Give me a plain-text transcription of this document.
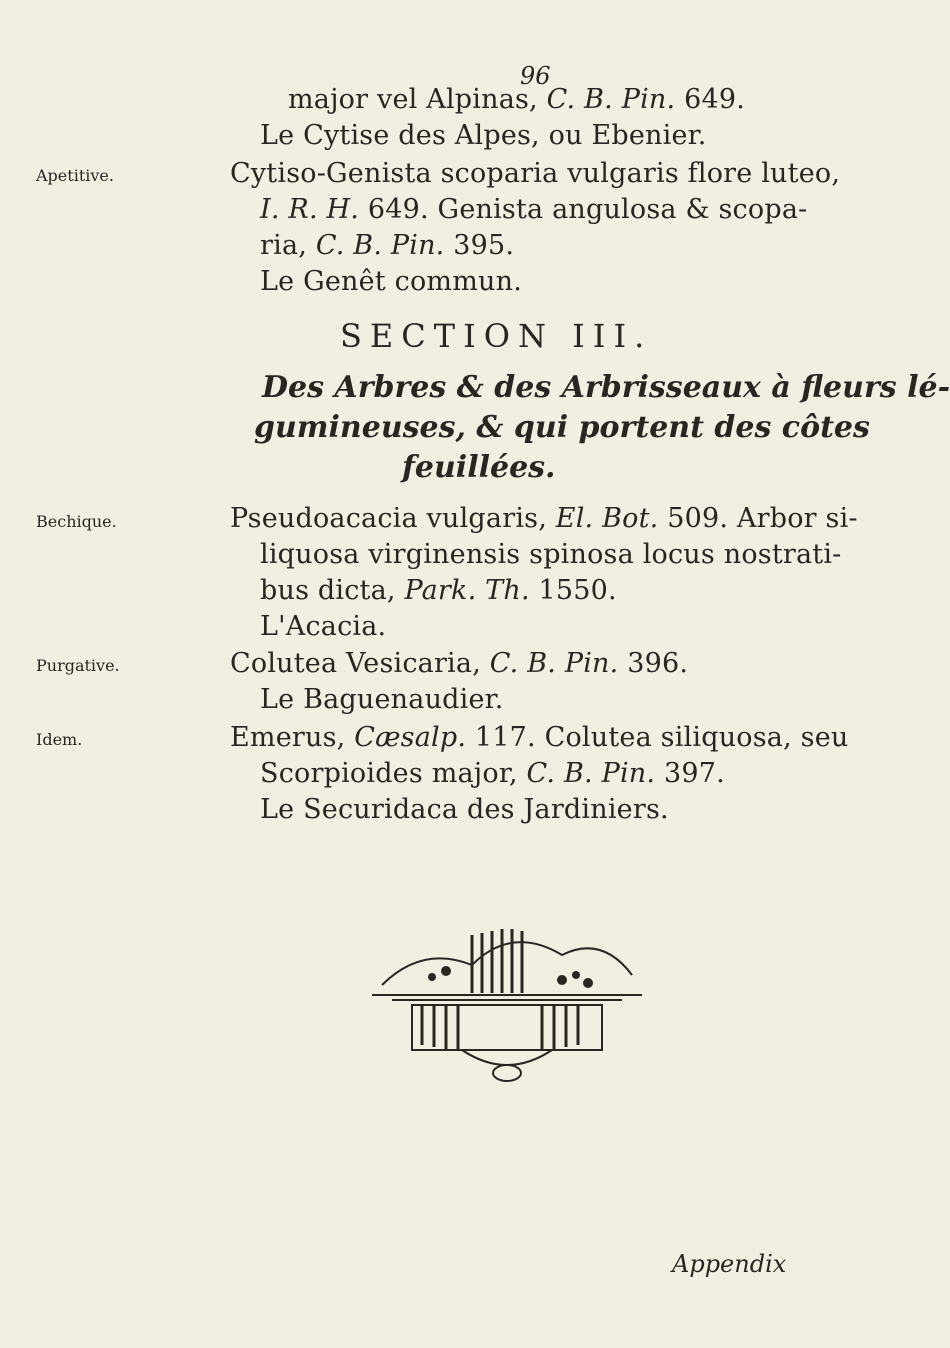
96
major vel Alpinas, C. B. Pin. 649.
Le Cytise des Alpes, ou Ebenier.
Apetitive.	Cytiso-Genista scoparia vulgaris flore luteo,
I. R. H. 649. Genista angulosa & scopa-
ria, C. B. Pin. 395.
Le Genêt commun.
SECTION III.
Des Arbres & des Arbrisseaux à fleurs lé-
gumineuses, & qui portent des côtes
feuillées.
Bechique.	Pseudoacacia vulgaris, El. Bot. 509. Arbor si-
liquosa virginensis spinosa locus nostrati-
bus dicta, Park. Th. 1550.
L'Acacia.
Purgative.	Colutea Vesicaria, C. B. Pin. 396.
Le Baguenaudier.
Idem.	Emerus, Cæsalp. 117. Colutea siliquosa, seu
Scorpioides major, C. B. Pin. 397.
Le Securidaca des Jardiniers.
Appendix
